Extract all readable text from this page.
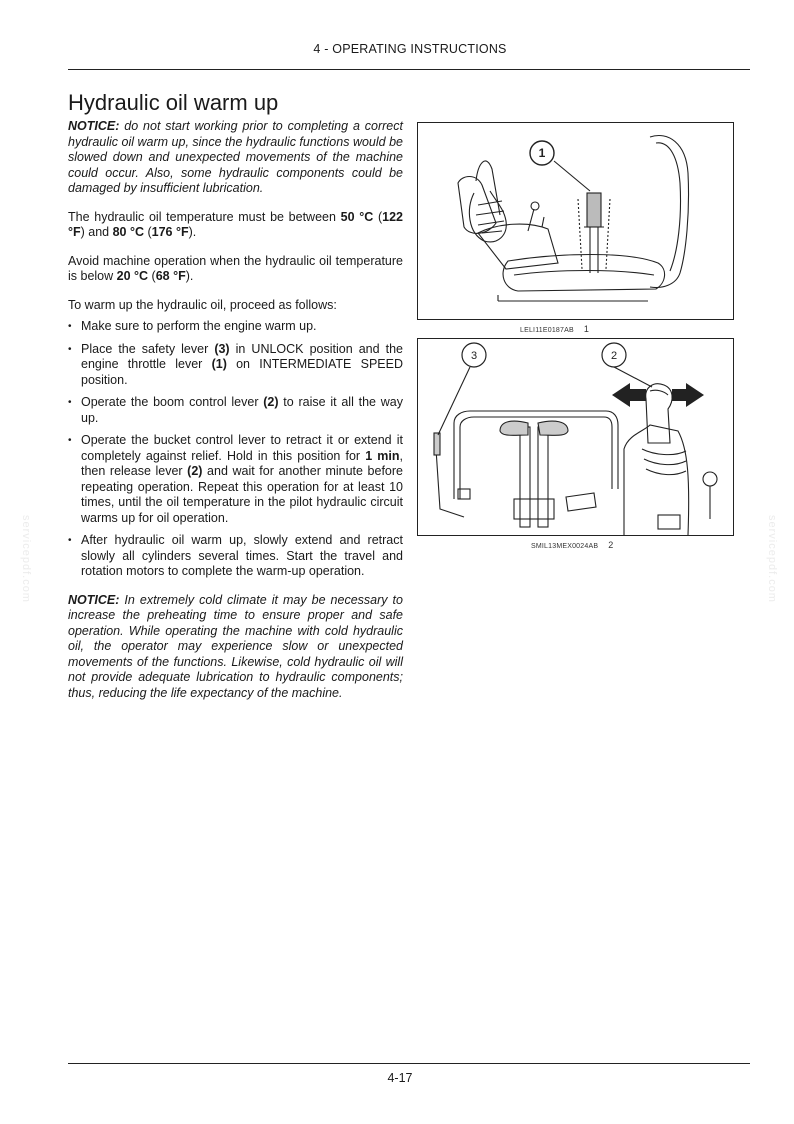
4 - OPERATING INSTRUCTIONS
Hydraulic oil warm up

NOTICE: do not start working prior to completing a correct hydraulic oil warm up, since the hydraulic functions would be slowed down and unexpected movements of the machine could occur. Also, some hydraulic components could be damaged by insufficient lubrication.

The hydraulic oil temperature must be between 50 °C (122 °F) and 80 °C (176 °F).

Avoid machine operation when the hydraulic oil temperature is below 20 °C (68 °F).

To warm up the hydraulic oil, proceed as follows:

• Make sure to perform the engine warm up.
• Place the safety lever (3) in UNLOCK position and the engine throttle lever (1) on INTERMEDIATE SPEED position.
• Operate the boom control lever (2) to raise it all the way up.
• Operate the bucket control lever to retract it or extend it completely against relief. Hold in this position for 1 min, then release lever (2) and wait for another minute before repeating operation. Repeat this operation for at least 10 times, until the oil temperature in the pilot hydraulic circuit warms up for oil operation.
• After hydraulic oil warm up, slowly extend and retract slowly all cylinders several times. Start the travel and rotation motors to complete the warm-up operation.

NOTICE: In extremely cold climate it may be necessary to increase the preheating time to ensure proper and safe operation. While operating the machine with cold hydraulic oil, the operator may experience slow or unexpected movements of the functions. Likewise, cold hydraulic oil will not provide adequate lubrication to hydraulic components; thus, reducing the life expectancy of the machine.

1
LELI11E0187AB 1
3	2
SMIL13MEX0024AB 2
servicepdf.com	servicepdf.com
4-17
